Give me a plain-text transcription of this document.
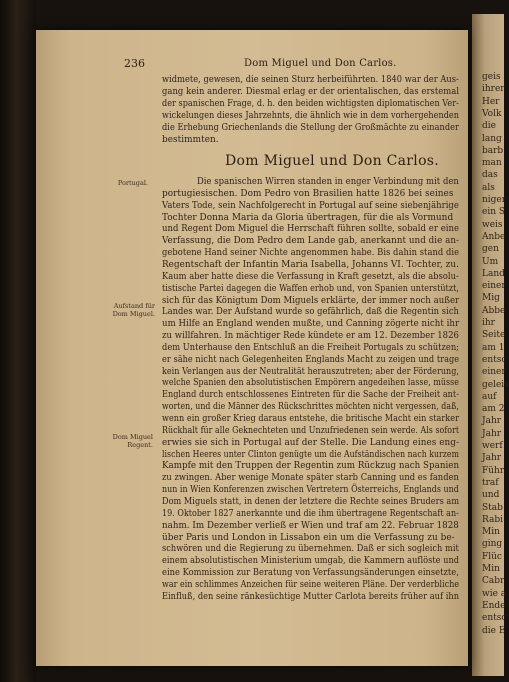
geis
ihrer
Her
Volk
die
lang
barb
man
das
als
niger
ein S
weis
Anbe
gen
Um
Land
einer
Mig
Abbe
ihr
Seite
am 1
entsc
einer
geleis
auf
am 2
Jahr
Jahr
werf
Jahr
Führ
traf
und
Stab
Rabi
Min
ging
Flüc
Min
Cabr
wie a
Ende
entsc
die E
236	Dom Miguel und Don Carlos.
widmete, gewesen, die seinen Sturz herbeiführten. 1840 war der Aus-
gang kein anderer. Diesmal erlag er der orientalischen, das erstemal
der spanischen Frage, d. h. den beiden wichtigsten diplomatischen Ver-
wickelungen dieses Jahrzehnts, die ähnlich wie in dem vorhergehenden
die Erhebung Griechenlands die Stellung der Großmächte zu einander
bestimmten.
Dom Miguel und Don Carlos.
Die spanischen Wirren standen in enger Verbindung mit den
portugiesischen. Dom Pedro von Brasilien hatte 1826 bei seines
Vaters Tode, sein Nachfolgerecht in Portugal auf seine siebenjährige
Tochter Donna Maria da Gloria übertragen, für die als Vormund
und Regent Dom Miguel die Herrschaft führen sollte, sobald er eine
Verfassung, die Dom Pedro dem Lande gab, anerkannt und die an-
gebotene Hand seiner Nichte angenommen habe. Bis dahin stand die
Regentschaft der Infantin Maria Isabella, Johanns VI. Tochter, zu.
Kaum aber hatte diese die Verfassung in Kraft gesetzt, als die absolu-
tistische Partei dagegen die Waffen erhob und, von Spanien unterstützt,
sich für das Königtum Dom Miguels erklärte, der immer noch außer
Landes war. Der Aufstand wurde so gefährlich, daß die Regentin sich
um Hilfe an England wenden mußte, und Canning zögerte nicht ihr
zu willfahren. In mächtiger Rede kündete er am 12. Dezember 1826
dem Unterhause den Entschluß an die Freiheit Portugals zu schützen;
er sähe nicht nach Gelegenheiten Englands Macht zu zeigen und trage
kein Verlangen aus der Neutralität herauszutreten; aber der Förderung,
welche Spanien den absolutistischen Empörern angedeihen lasse, müsse
England durch entschlossenes Eintreten für die Sache der Freiheit ant-
worten, und die Männer des Rückschrittes möchten nicht vergessen, daß,
wenn ein großer Krieg daraus entstehe, die britische Macht ein starker
Rückhalt für alle Geknechteten und Unzufriedenen sein werde. Als sofort
erwies sie sich in Portugal auf der Stelle. Die Landung eines eng-
lischen Heeres unter Clinton genügte um die Aufständischen nach kurzem
Kampfe mit den Truppen der Regentin zum Rückzug nach Spanien
zu zwingen. Aber wenige Monate später starb Canning und es fanden
nun in Wien Konferenzen zwischen Vertretern Österreichs, Englands und
Dom Miguels statt, in denen der letztere die Rechte seines Bruders am
19. Oktober 1827 anerkannte und die ihm übertragene Regentschaft an-
nahm. Im Dezember verließ er Wien und traf am 22. Februar 1828
über Paris und London in Lissabon ein um die Verfassung zu be-
schwören und die Regierung zu übernehmen. Daß er sich sogleich mit
einem absolutistischen Ministerium umgab, die Kammern auflöste und
eine Kommission zur Beratung von Verfassungsänderungen einsetzte,
war ein schlimmes Anzeichen für seine weiteren Pläne. Der verderbliche
Einfluß, den seine ränkesüchtige Mutter Carlota bereits früher auf ihn
Portugal.
Aufstand für
Dom Miguel.
Dom Miguel
Regent.
